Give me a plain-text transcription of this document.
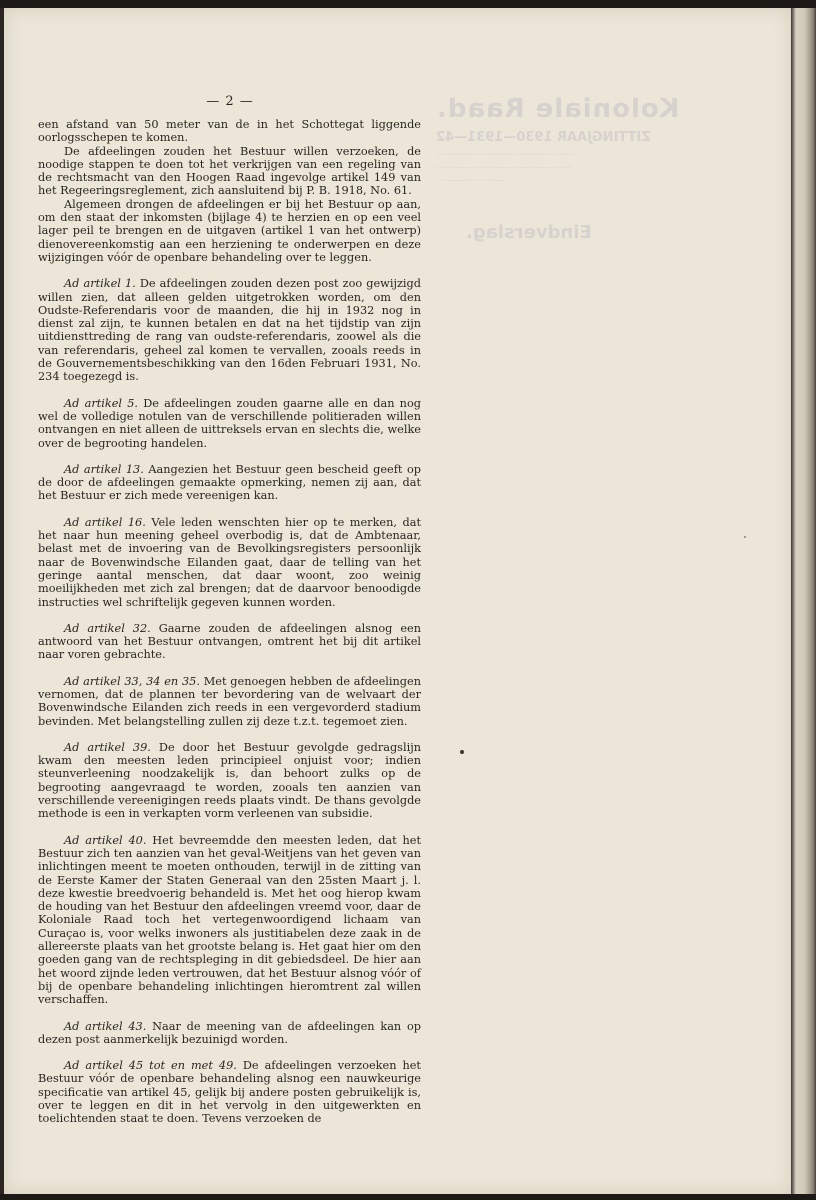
Koloniale Raad.
ZITTINGJAAR 1930—1931—42
................................................
...............................................
........................
Eindverslag.
— 2 —

een afstand van 50 meter van de in het Schottegat liggende oorlogsschepen te komen.

De afdeelingen zouden het Bestuur willen verzoeken, de noodige stappen te doen tot het verkrijgen van een regeling van de rechtsmacht van den Hoogen Raad ingevolge artikel 149 van het Regeeringsreglement, zich aansluitend bij P. B. 1918, No. 61.

Algemeen drongen de afdeelingen er bij het Bestuur op aan, om den staat der inkomsten (bijlage 4) te herzien en op een veel lager peil te brengen en de uitgaven (artikel 1 van het ontwerp) dienovereenkomstig aan een herziening te onderwerpen en deze wijzigingen vóór de openbare behandeling over te leggen.

Ad artikel 1. De afdeelingen zouden dezen post zoo gewijzigd willen zien, dat alleen gelden uitgetrokken worden, om den Oudste-Referendaris voor de maanden, die hij in 1932 nog in dienst zal zijn, te kunnen betalen en dat na het tijdstip van zijn uitdiensttreding de rang van oudste-referendaris, zoowel als die van referendaris, geheel zal komen te vervallen, zooals reeds in de Gouvernementsbeschikking van den 16den Februari 1931, No. 234 toegezegd is.

Ad artikel 5. De afdeelingen zouden gaarne alle en dan nog wel de volledige notulen van de verschillende politieraden willen ontvangen en niet alleen de uittreksels ervan en slechts die, welke over de begrooting handelen.

Ad artikel 13. Aangezien het Bestuur geen bescheid geeft op de door de afdeelingen gemaakte opmerking, nemen zij aan, dat het Bestuur er zich mede vereenigen kan.

Ad artikel 16. Vele leden wenschten hier op te merken, dat het naar hun meening geheel overbodig is, dat de Ambtenaar, belast met de invoering van de Bevolkingsregisters persoonlijk naar de Bovenwindsche Eilanden gaat, daar de telling van het geringe aantal menschen, dat daar woont, zoo weinig moeilijkheden met zich zal brengen; dat de daarvoor benoodigde instructies wel schriftelijk gegeven kunnen worden.

Ad artikel 32. Gaarne zouden de afdeelingen alsnog een antwoord van het Bestuur ontvangen, omtrent het bij dit artikel naar voren gebrachte.

Ad artikel 33, 34 en 35. Met genoegen hebben de afdeelingen vernomen, dat de plannen ter bevordering van de welvaart der Bovenwindsche Eilanden zich reeds in een vergevorderd stadium bevinden. Met belangstelling zullen zij deze t.z.t. tegemoet zien.

Ad artikel 39. De door het Bestuur gevolgde gedragslijn kwam den meesten leden principieel onjuist voor; indien steunverleening noodzakelijk is, dan behoort zulks op de begrooting aangevraagd te worden, zooals ten aanzien van verschillende vereenigingen reeds plaats vindt. De thans gevolgde methode is een in verkapten vorm verleenen van subsidie.

Ad artikel 40. Het bevreemdde den meesten leden, dat het Bestuur zich ten aanzien van het geval-Weitjens van het geven van inlichtingen meent te moeten onthouden, terwijl in de zitting van de Eerste Kamer der Staten Generaal van den 25sten Maart j. l. deze kwestie breedvoerig behandeld is. Met het oog hierop kwam de houding van het Bestuur den afdeelingen vreemd voor, daar de Koloniale Raad toch het vertegenwoordigend lichaam van Curaçao is, voor welks inwoners als justitiabelen deze zaak in de allereerste plaats van het grootste belang is. Het gaat hier om den goeden gang van de rechtspleging in dit gebiedsdeel. De hier aan het woord zijnde leden vertrouwen, dat het Bestuur alsnog vóór of bij de openbare behandeling inlichtingen hieromtrent zal willen verschaffen.

Ad artikel 43. Naar de meening van de afdeelingen kan op dezen post aanmerkelijk bezuinigd worden.

Ad artikel 45 tot en met 49. De afdeelingen verzoeken het Bestuur vóór de openbare behandeling alsnog een nauwkeurige specificatie van artikel 45, gelijk bij andere posten gebruikelijk is, over te leggen en dit in het vervolg in den uitgewerkten en toelichtenden staat te doen. Tevens verzoeken de
